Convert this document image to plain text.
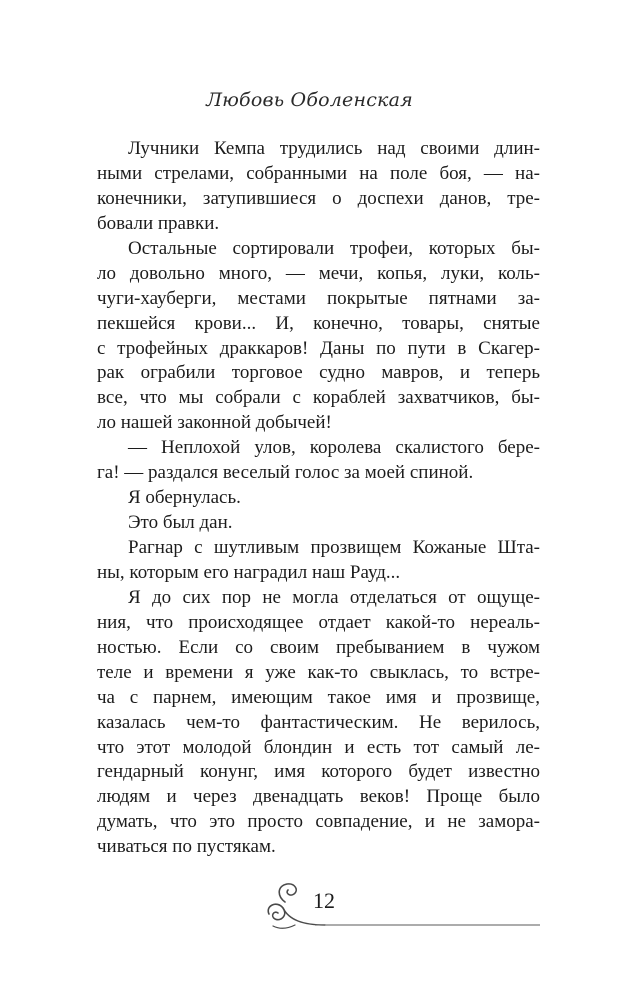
Любовь Оболенская
Лучники Кемпа трудились над своими длин-
ными стрелами, собранными на поле боя, — на-
конечники, затупившиеся о доспехи данов, тре-
бовали правки.
Остальные сортировали трофеи, которых бы-
ло довольно много, — мечи, копья, луки, коль-
чуги-хауберги, местами покрытые пятнами за-
пекшейся крови... И, конечно, товары, снятые
с трофейных драккаров! Даны по пути в Скагер-
рак ограбили торговое судно мавров, и теперь
все, что мы собрали с кораблей захватчиков, бы-
ло нашей законной добычей!
— Неплохой улов, королева скалистого бере-
га! — раздался веселый голос за моей спиной.
Я обернулась.
Это был дан.
Рагнар с шутливым прозвищем Кожаные Шта-
ны, которым его наградил наш Рауд...
Я до сих пор не могла отделаться от ощуще-
ния, что происходящее отдает какой-то нереаль-
ностью. Если со своим пребыванием в чужом
теле и времени я уже как-то свыклась, то встре-
ча с парнем, имеющим такое имя и прозвище,
казалась чем-то фантастическим. Не верилось,
что этот молодой блондин и есть тот самый ле-
гендарный конунг, имя которого будет известно
людям и через двенадцать веков! Проще было
думать, что это просто совпадение, и не замора-
чиваться по пустякам.
12
